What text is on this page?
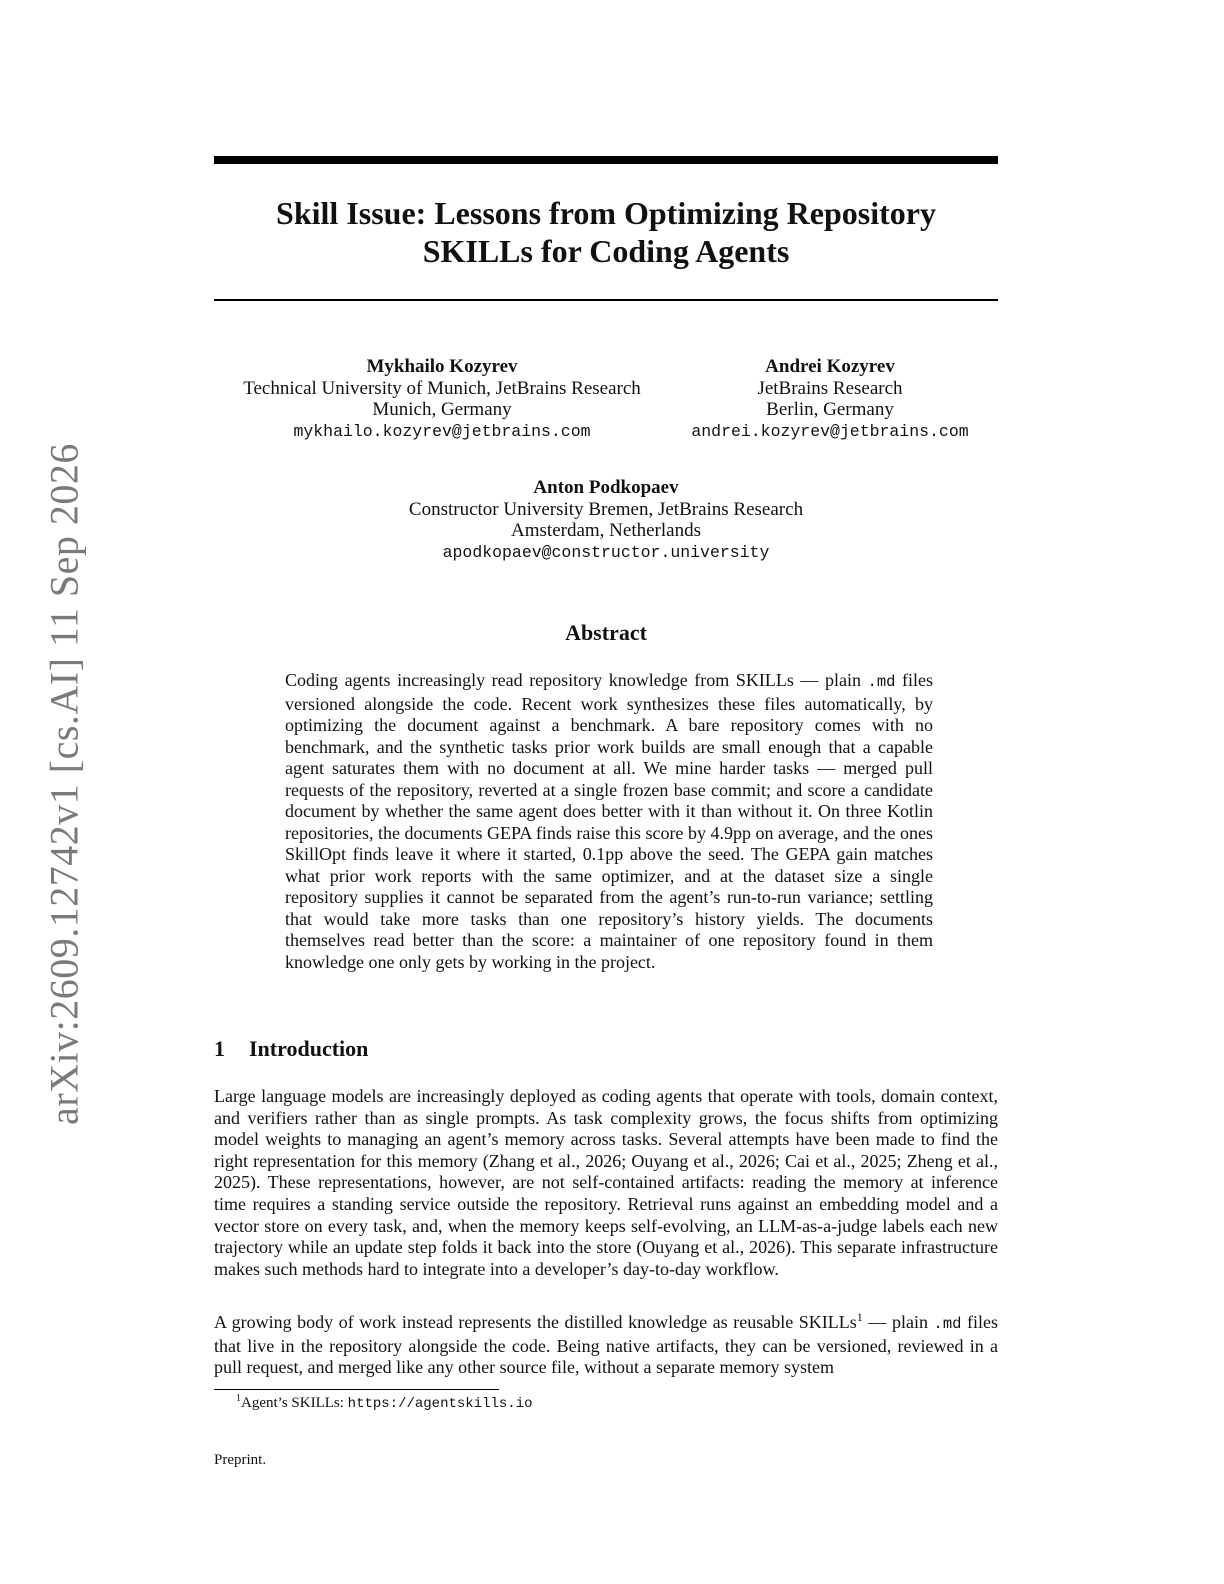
arXiv:2609.12742v1 [cs.AI] 11 Sep 2026
Skill Issue: Lessons from Optimizing Repository
SKILLs for Coding Agents
Mykhailo Kozyrev
Technical University of Munich, JetBrains Research
Munich, Germany
mykhailo.kozyrev@jetbrains.com
Andrei Kozyrev
JetBrains Research
Berlin, Germany
andrei.kozyrev@jetbrains.com
Anton Podkopaev
Constructor University Bremen, JetBrains Research
Amsterdam, Netherlands
apodkopaev@constructor.university
Abstract

Coding agents increasingly read repository knowledge from SKILLs — plain .md files versioned alongside the code. Recent work synthesizes these files automatically, by optimizing the document against a benchmark. A bare repository comes with no benchmark, and the synthetic tasks prior work builds are small enough that a capable agent saturates them with no document at all. We mine harder tasks — merged pull requests of the repository, reverted at a single frozen base commit; and score a candidate document by whether the same agent does better with it than without it. On three Kotlin repositories, the documents GEPA finds raise this score by 4.9pp on average, and the ones SkillOpt finds leave it where it started, 0.1pp above the seed. The GEPA gain matches what prior work reports with the same optimizer, and at the dataset size a single repository supplies it cannot be separated from the agent’s run-to-run variance; settling that would take more tasks than one repository’s history yields. The documents themselves read better than the score: a maintainer of one repository found in them knowledge one only gets by working in the project.

1 Introduction

Large language models are increasingly deployed as coding agents that operate with tools, domain context, and verifiers rather than as single prompts. As task complexity grows, the focus shifts from optimizing model weights to managing an agent’s memory across tasks. Several attempts have been made to find the right representation for this memory (Zhang et al., 2026; Ouyang et al., 2026; Cai et al., 2025; Zheng et al., 2025). These representations, however, are not self-contained artifacts: reading the memory at inference time requires a standing service outside the repository. Retrieval runs against an embedding model and a vector store on every task, and, when the memory keeps self-evolving, an LLM-as-a-judge labels each new trajectory while an update step folds it back into the store (Ouyang et al., 2026). This separate infrastructure makes such methods hard to integrate into a developer’s day-to-day workflow.

A growing body of work instead represents the distilled knowledge as reusable SKILLs$^1$ — plain .md files that live in the repository alongside the code. Being native artifacts, they can be versioned, reviewed in a pull request, and merged like any other source file, without a separate memory system

$^1$Agent’s SKILLs: https://agentskills.io
Preprint.
